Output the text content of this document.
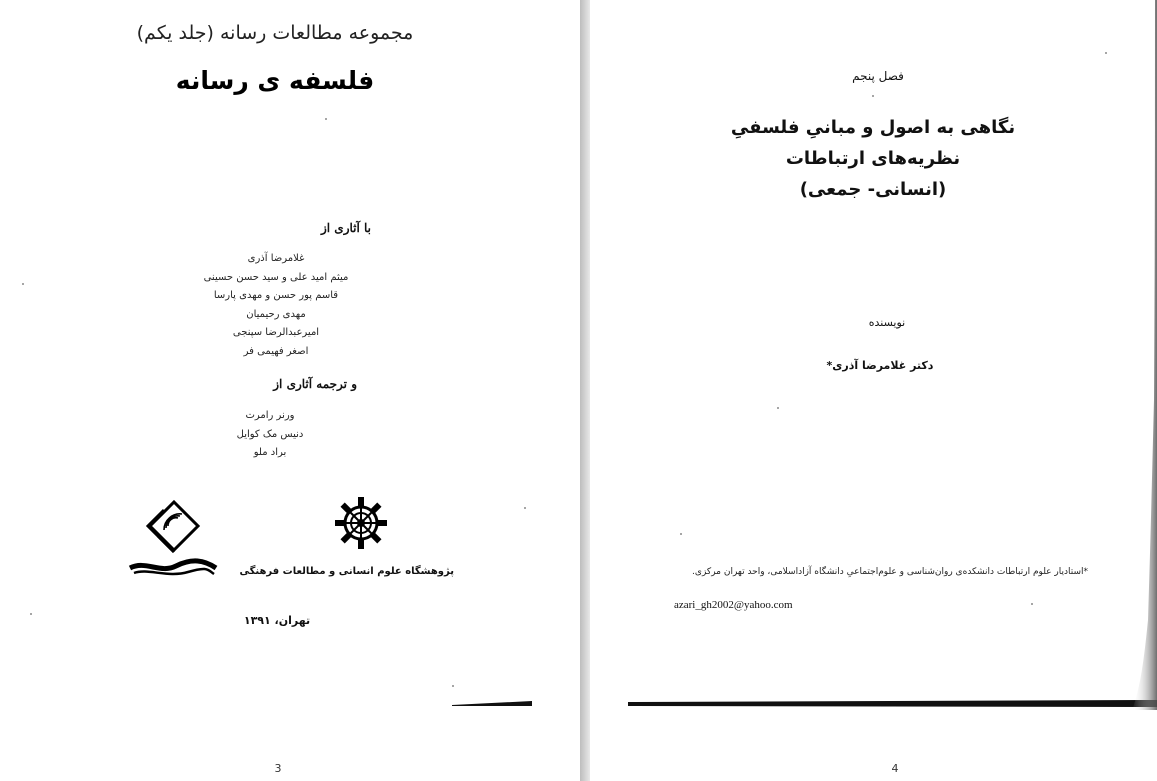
مجموعه مطالعات رسانه (جلد یکم)
فلسفه ی رسانه
با آثاری از
غلامرضا آذری
میثم امید علی و سید حسن حسینی
قاسم پور حسن و مهدی پارسا
مهدی رحیمیان
امیرعبدالرضا سپنجی
اصغر فهیمی فر
و ترجمه آثاری از
ورنر رامرت
دنیس مک کوایل
براد ملو
پژوهشگاه علوم انسانی و مطالعات فرهنگی
تهران، ۱۳۹۱
3
فصل پنجم
نگاهی به اصول و مبانیِ فلسفیِ
نظریه‌های ارتباطات
(انسانی- جمعی)
نویسنده
دکتر غلامرضا آذری*
*استادیار علوم ارتباطات دانشکده‌ی روان‌شناسی و علوم‌اجتماعیِ دانشگاه آزاداسلامی، واحد تهران مرکزی.
azari_gh2002@yahoo.com
4
